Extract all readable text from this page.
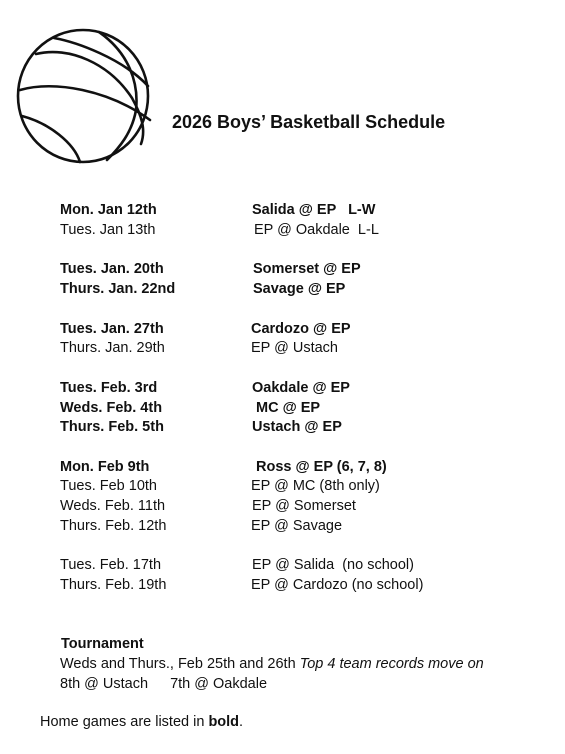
2026 Boys’ Basketball Schedule
Mon. Jan 12th	Salida @ EP   L-W
Tues. Jan 13th	EP @ Oakdale  L-L
Tues. Jan. 20th	Somerset @ EP
Thurs. Jan. 22nd	Savage @ EP
Tues. Jan. 27th	Cardozo @ EP
Thurs. Jan. 29th	EP @ Ustach
Tues. Feb. 3rd	Oakdale @ EP
Weds. Feb. 4th	MC @ EP
Thurs. Feb. 5th	Ustach @ EP
Mon. Feb 9th	Ross @ EP (6, 7, 8)
Tues. Feb 10th	EP @ MC (8th only)
Weds. Feb. 11th	EP @ Somerset
Thurs. Feb. 12th	EP @ Savage
Tues. Feb. 17th	EP @ Salida  (no school)
Thurs. Feb. 19th	EP @ Cardozo (no school)
Tournament
Weds and Thurs., Feb 25th and 26th Top 4 team records move on
8th @ Ustach 7th @ Oakdale
Home games are listed in bold.
